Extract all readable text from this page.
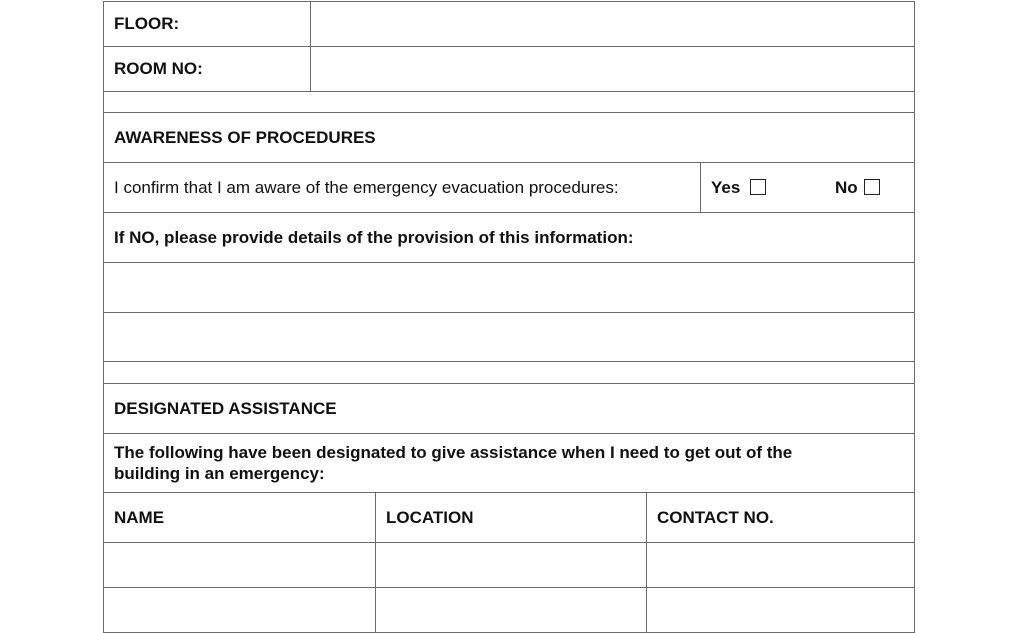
FLOOR:
ROOM NO:
AWARENESS OF PROCEDURES
I confirm that I am aware of the emergency evacuation procedures:	Yes	No
If NO, please provide details of the provision of this information:
DESIGNATED ASSISTANCE
The following have been designated to give assistance when I need to get out of the
building in an emergency:
NAME	LOCATION	CONTACT NO.
